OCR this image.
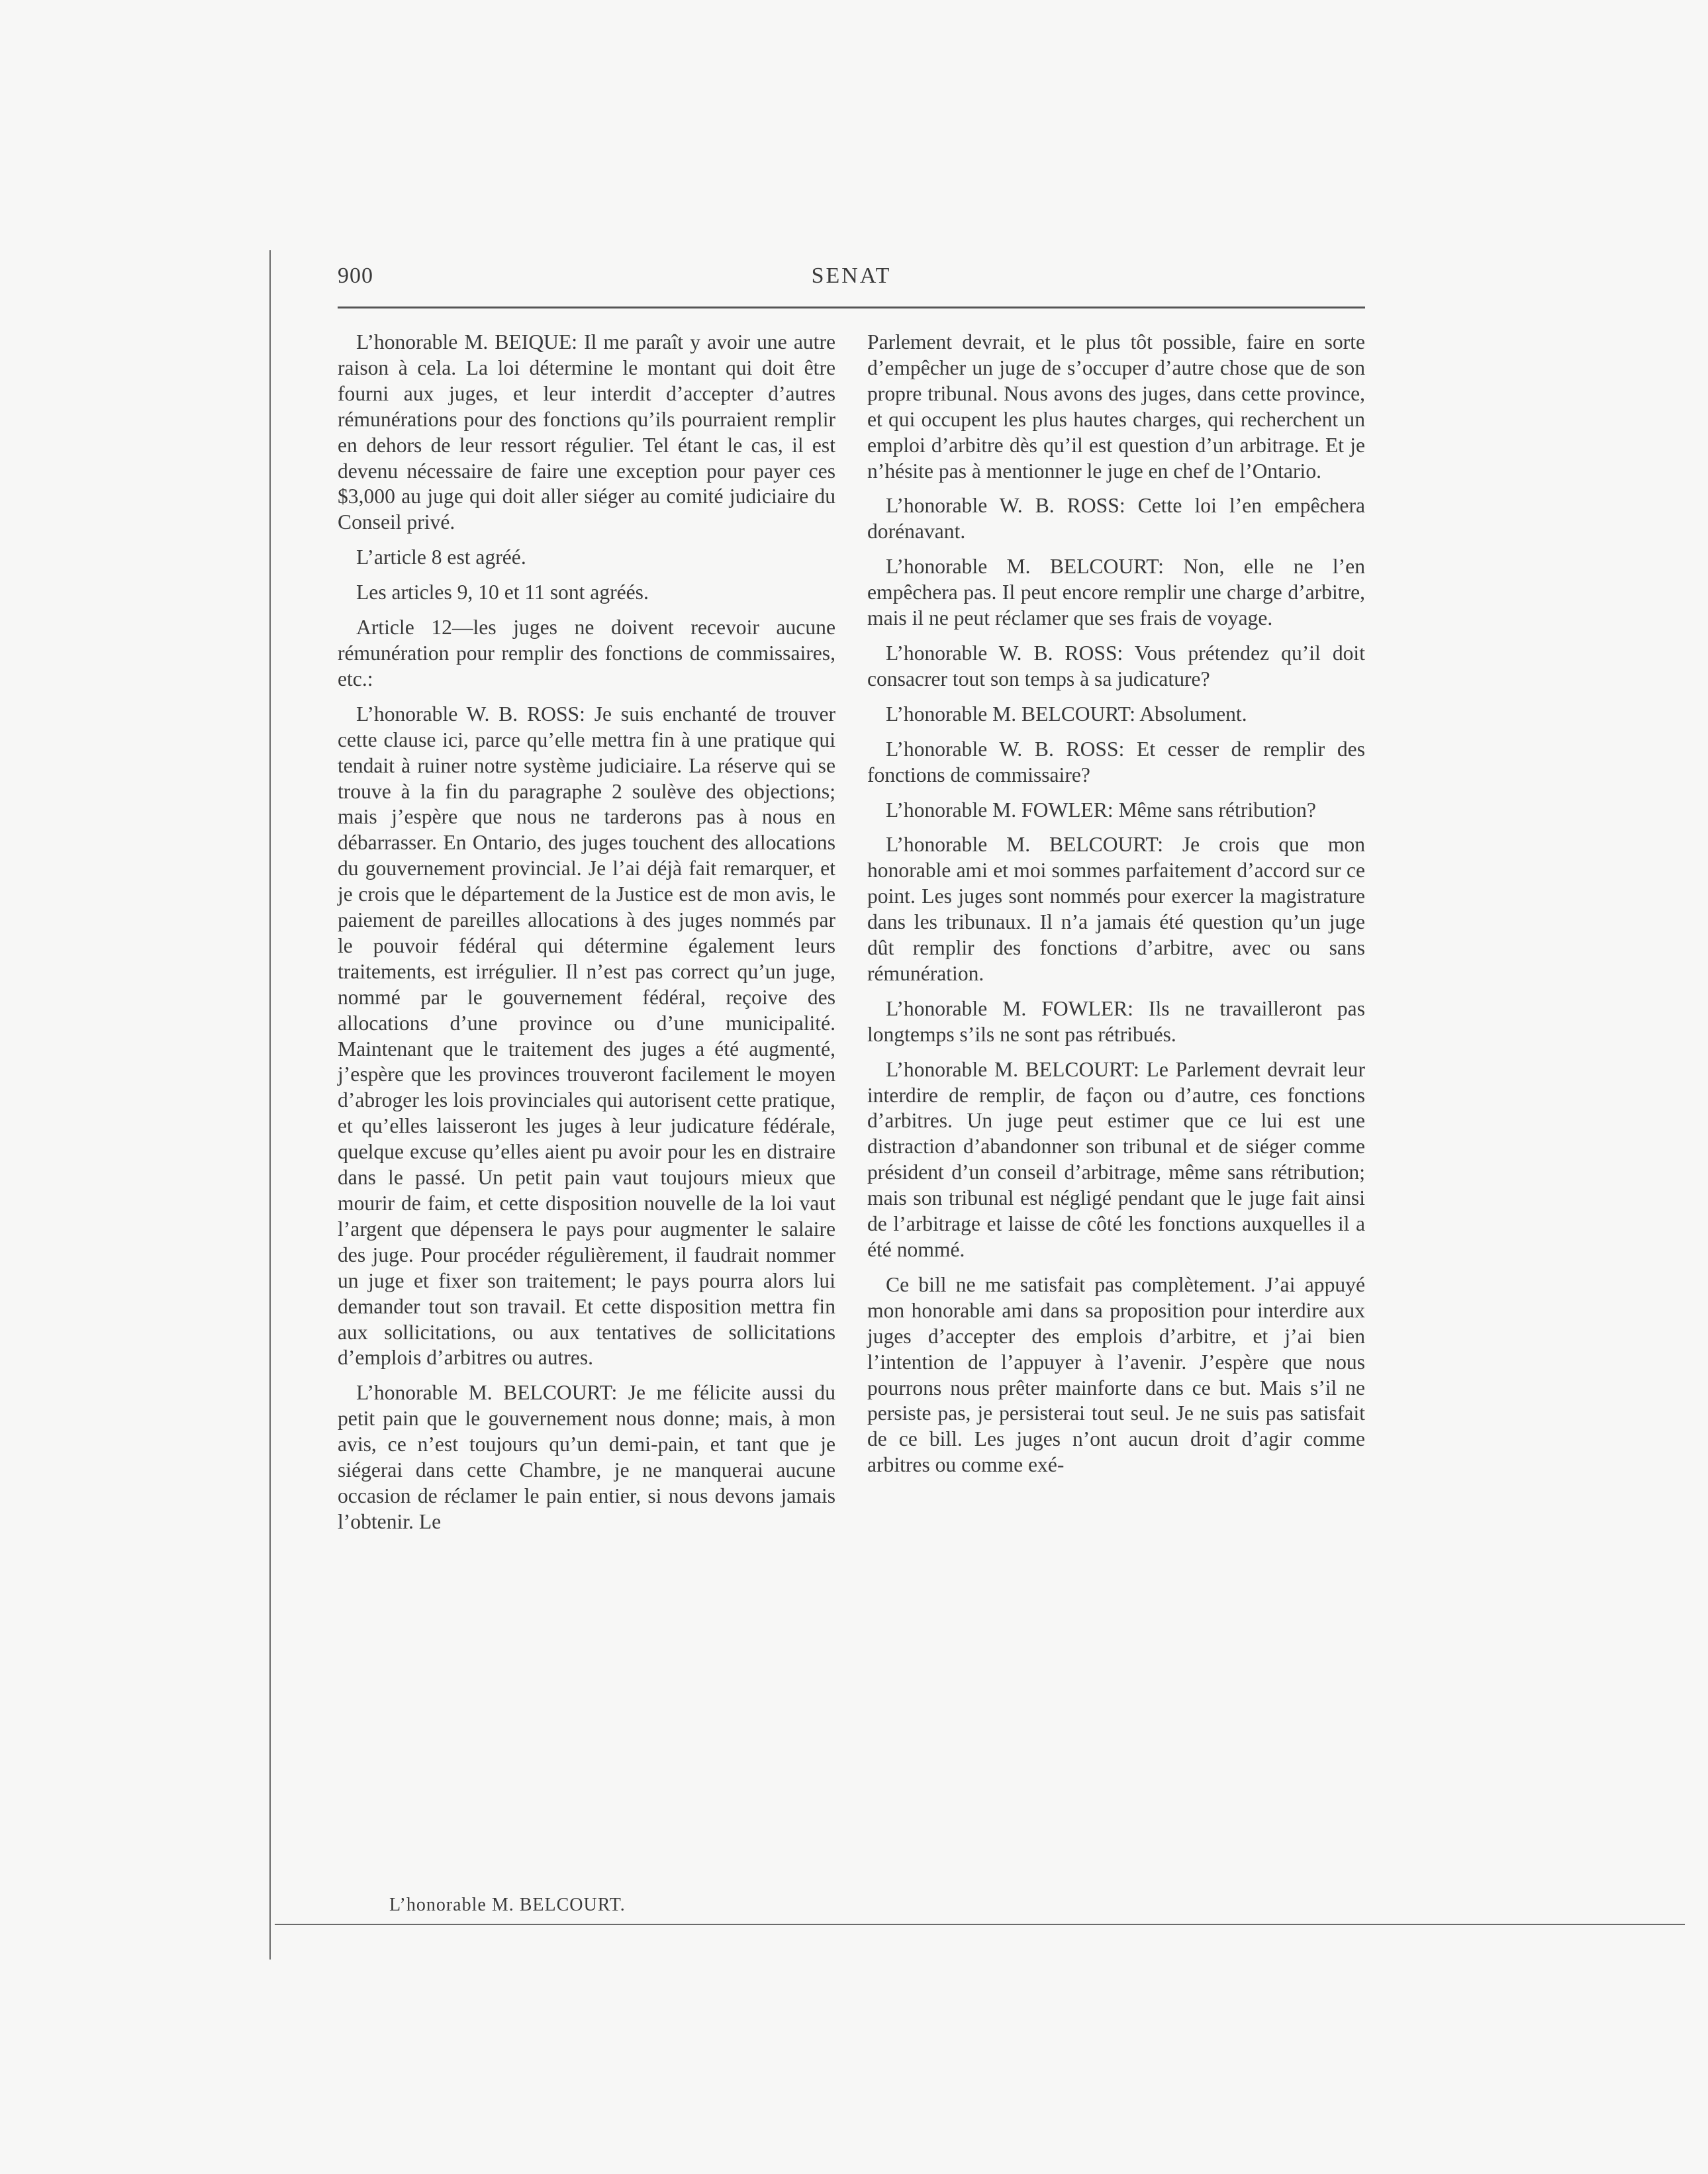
900	SENAT

L’honorable M. BEIQUE: Il me paraît y avoir une autre raison à cela. La loi détermine le montant qui doit être fourni aux juges, et leur interdit d’accepter d’autres rémunérations pour des fonctions qu’ils pourraient remplir en dehors de leur ressort régulier. Tel étant le cas, il est devenu nécessaire de faire une exception pour payer ces $3,000 au juge qui doit aller siéger au comité judiciaire du Conseil privé.

L’article 8 est agréé.

Les articles 9, 10 et 11 sont agréés.

Article 12—les juges ne doivent recevoir aucune rémunération pour remplir des fonctions de commissaires, etc.:

L’honorable W. B. ROSS: Je suis enchanté de trouver cette clause ici, parce qu’elle mettra fin à une pratique qui tendait à ruiner notre système judiciaire. La réserve qui se trouve à la fin du paragraphe 2 soulève des objections; mais j’espère que nous ne tarderons pas à nous en débarrasser. En Ontario, des juges touchent des allocations du gouvernement provincial. Je l’ai déjà fait remarquer, et je crois que le département de la Justice est de mon avis, le paiement de pareilles allocations à des juges nommés par le pouvoir fédéral qui détermine également leurs traitements, est irrégulier. Il n’est pas correct qu’un juge, nommé par le gouvernement fédéral, reçoive des allocations d’une province ou d’une municipalité. Maintenant que le traitement des juges a été augmenté, j’espère que les provinces trouveront facilement le moyen d’abroger les lois provinciales qui autorisent cette pratique, et qu’elles laisseront les juges à leur judicature fédérale, quelque excuse qu’elles aient pu avoir pour les en distraire dans le passé. Un petit pain vaut toujours mieux que mourir de faim, et cette disposition nouvelle de la loi vaut l’argent que dépensera le pays pour augmenter le salaire des juge. Pour procéder régulièrement, il faudrait nommer un juge et fixer son traitement; le pays pourra alors lui demander tout son travail. Et cette disposition mettra fin aux sollicitations, ou aux tentatives de sollicitations d’emplois d’arbitres ou autres.

L’honorable M. BELCOURT: Je me félicite aussi du petit pain que le gouvernement nous donne; mais, à mon avis, ce n’est toujours qu’un demi-pain, et tant que je siégerai dans cette Chambre, je ne manquerai aucune occasion de réclamer le pain entier, si nous devons jamais l’obtenir. Le

Parlement devrait, et le plus tôt possible, faire en sorte d’empêcher un juge de s’occuper d’autre chose que de son propre tribunal. Nous avons des juges, dans cette province, et qui occupent les plus hautes charges, qui recherchent un emploi d’arbitre dès qu’il est question d’un arbitrage. Et je n’hésite pas à mentionner le juge en chef de l’Ontario.

L’honorable W. B. ROSS: Cette loi l’en empêchera dorénavant.

L’honorable M. BELCOURT: Non, elle ne l’en empêchera pas. Il peut encore remplir une charge d’arbitre, mais il ne peut réclamer que ses frais de voyage.

L’honorable W. B. ROSS: Vous prétendez qu’il doit consacrer tout son temps à sa judicature?

L’honorable M. BELCOURT: Absolument.

L’honorable W. B. ROSS: Et cesser de remplir des fonctions de commissaire?

L’honorable M. FOWLER: Même sans rétribution?

L’honorable M. BELCOURT: Je crois que mon honorable ami et moi sommes parfaitement d’accord sur ce point. Les juges sont nommés pour exercer la magistrature dans les tribunaux. Il n’a jamais été question qu’un juge dût remplir des fonctions d’arbitre, avec ou sans rémunération.

L’honorable M. FOWLER: Ils ne travailleront pas longtemps s’ils ne sont pas rétribués.

L’honorable M. BELCOURT: Le Parlement devrait leur interdire de remplir, de façon ou d’autre, ces fonctions d’arbitres. Un juge peut estimer que ce lui est une distraction d’abandonner son tribunal et de siéger comme président d’un conseil d’arbitrage, même sans rétribution; mais son tribunal est négligé pendant que le juge fait ainsi de l’arbitrage et laisse de côté les fonctions auxquelles il a été nommé.

Ce bill ne me satisfait pas complètement. J’ai appuyé mon honorable ami dans sa proposition pour interdire aux juges d’accepter des emplois d’arbitre, et j’ai bien l’intention de l’appuyer à l’avenir. J’espère que nous pourrons nous prêter mainforte dans ce but. Mais s’il ne persiste pas, je persisterai tout seul. Je ne suis pas satisfait de ce bill. Les juges n’ont aucun droit d’agir comme arbitres ou comme exé-

L’honorable M. BELCOURT.
